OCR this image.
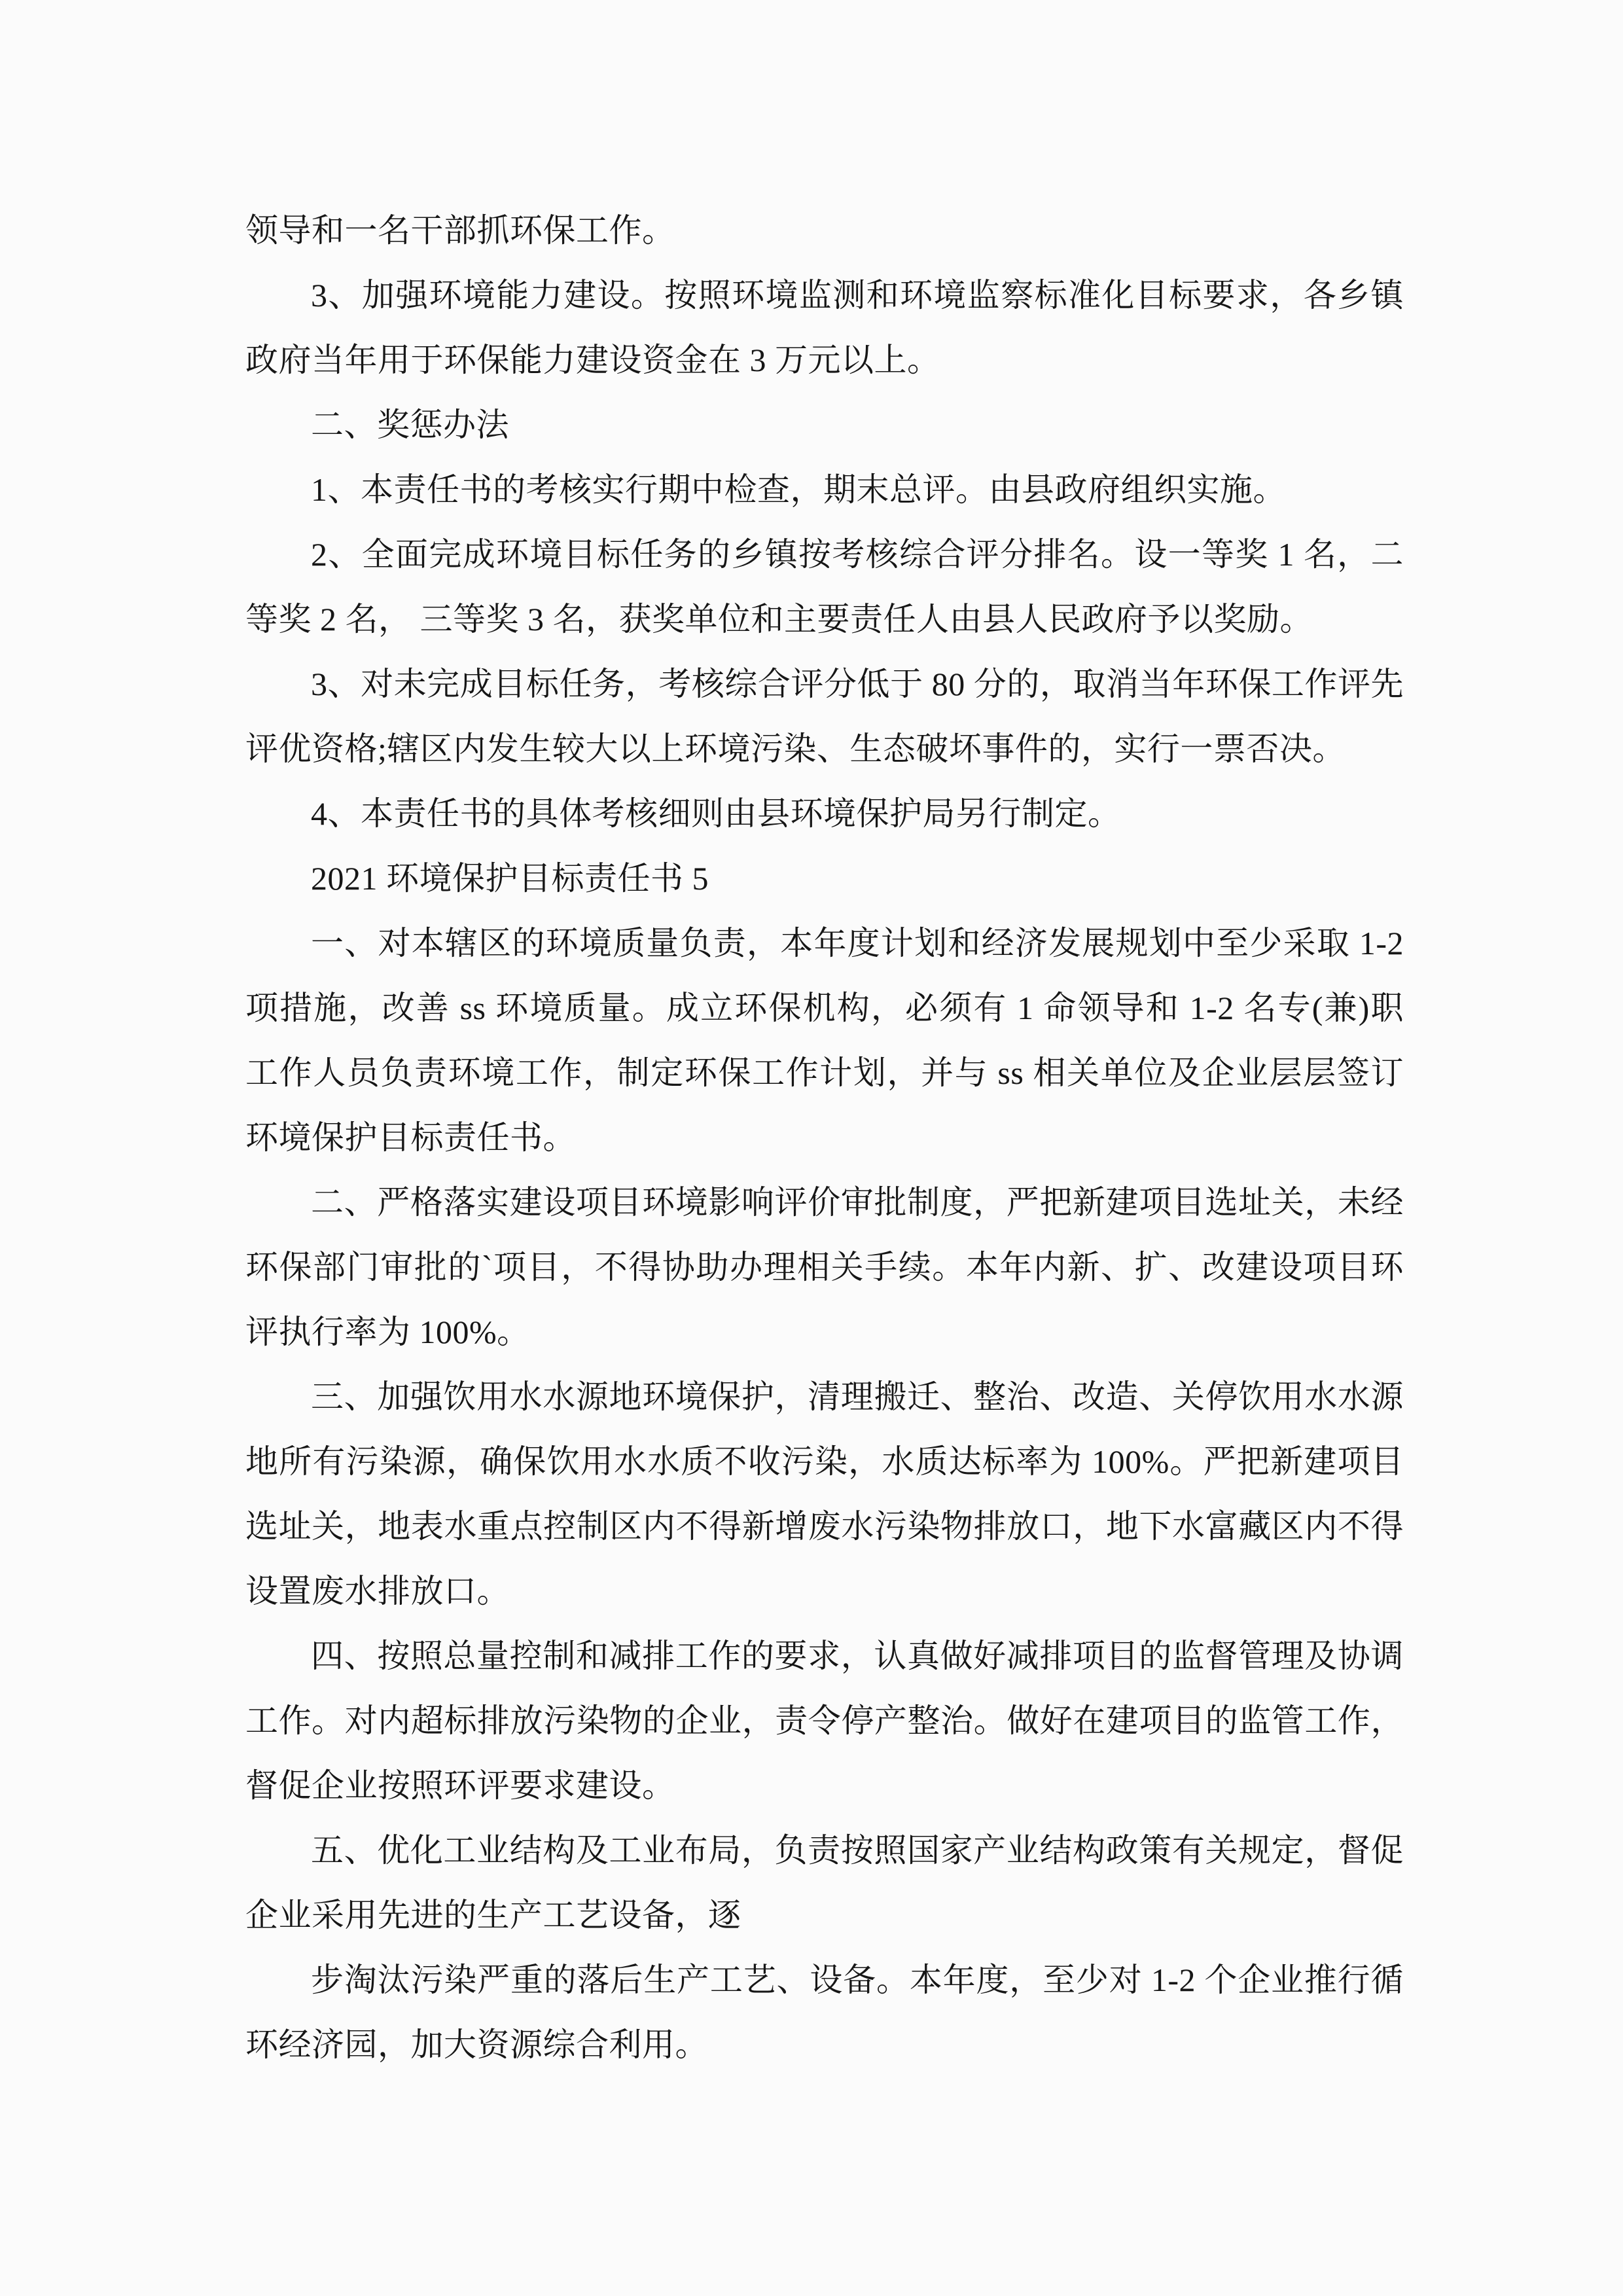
领导和一名干部抓环保工作。
3、加强环境能力建设。按照环境监测和环境监察标准化目标要求，各乡镇
政府当年用于环保能力建设资金在 3 万元以上。
二、奖惩办法
1、本责任书的考核实行期中检查，期末总评。由县政府组织实施。
2、全面完成环境目标任务的乡镇按考核综合评分排名。设一等奖 1 名，二
等奖 2 名， 三等奖 3 名，获奖单位和主要责任人由县人民政府予以奖励。
3、对未完成目标任务，考核综合评分低于 80 分的，取消当年环保工作评先
评优资格;辖区内发生较大以上环境污染、生态破坏事件的，实行一票否决。
4、本责任书的具体考核细则由县环境保护局另行制定。
2021 环境保护目标责任书 5
一、对本辖区的环境质量负责，本年度计划和经济发展规划中至少采取 1-2
项措施，改善 ss 环境质量。成立环保机构，必须有 1 命领导和 1-2 名专(兼)职
工作人员负责环境工作，制定环保工作计划，并与 ss 相关单位及企业层层签订
环境保护目标责任书。
二、严格落实建设项目环境影响评价审批制度，严把新建项目选址关，未经
环保部门审批的`项目，不得协助办理相关手续。本年内新、扩、改建设项目环
评执行率为 100%。
三、加强饮用水水源地环境保护，清理搬迁、整治、改造、关停饮用水水源
地所有污染源，确保饮用水水质不收污染，水质达标率为 100%。严把新建项目
选址关，地表水重点控制区内不得新增废水污染物排放口，地下水富藏区内不得
设置废水排放口。
四、按照总量控制和减排工作的要求，认真做好减排项目的监督管理及协调
工作。对内超标排放污染物的企业，责令停产整治。做好在建项目的监管工作，
督促企业按照环评要求建设。
五、优化工业结构及工业布局，负责按照国家产业结构政策有关规定，督促
企业采用先进的生产工艺设备，逐
步淘汰污染严重的落后生产工艺、设备。本年度，至少对 1-2 个企业推行循
环经济园，加大资源综合利用。
